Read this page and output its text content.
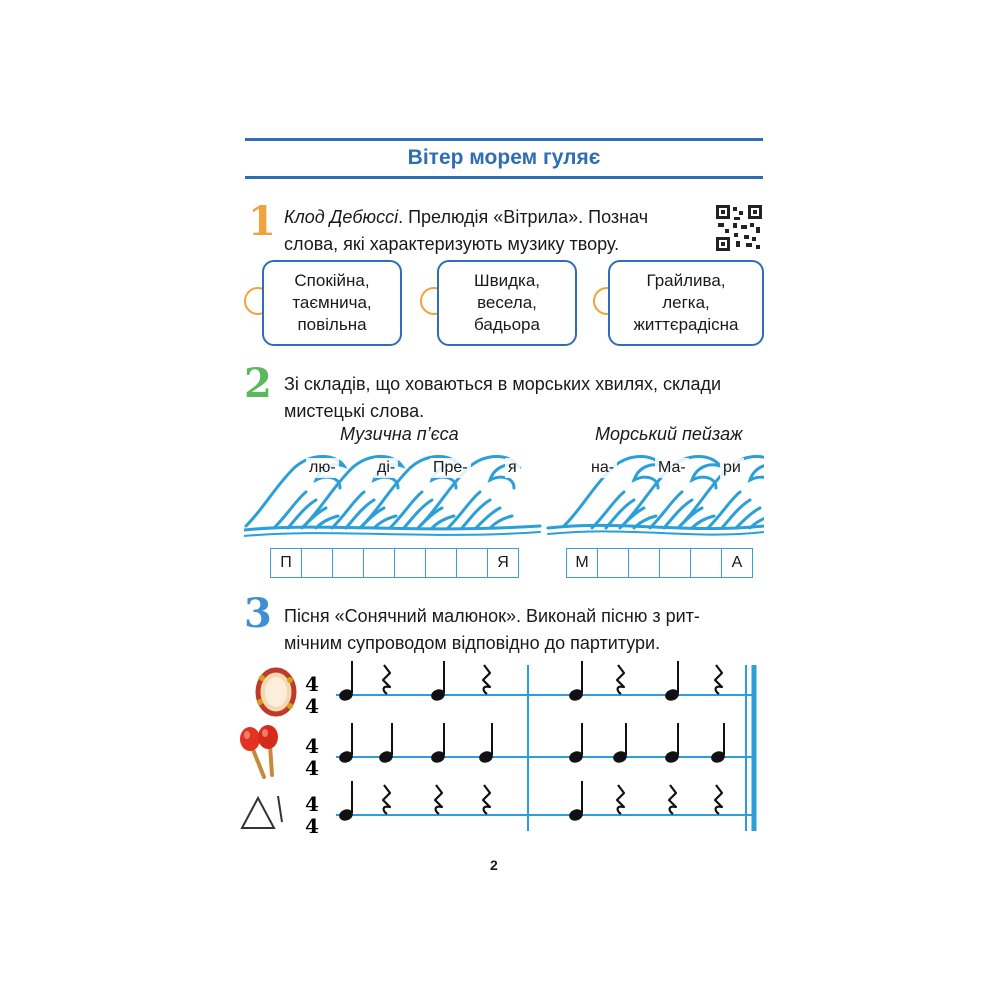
Вітер морем гуляє
1 Клод Дебюссі. Прелюдія «Вітрила». Познач
слова, які характеризують музику твору.
Спокійна,
таємнича,
повільна
Швидка,
весела,
бадьора
Грайлива,
легка,
життєрадісна
2 Зі складів, що ховаються в морських хвилях, склади
мистецькі слова.
Музична п’єса	Морський пейзаж
лю-	ді- Пре-	я	на-	Ма- ри
П	Я	М	А
3 Пісня «Сонячний малюнок». Виконай пісню з рит-
мічним супроводом відповідно до партитури.
4
4
4
4
4
4
2
